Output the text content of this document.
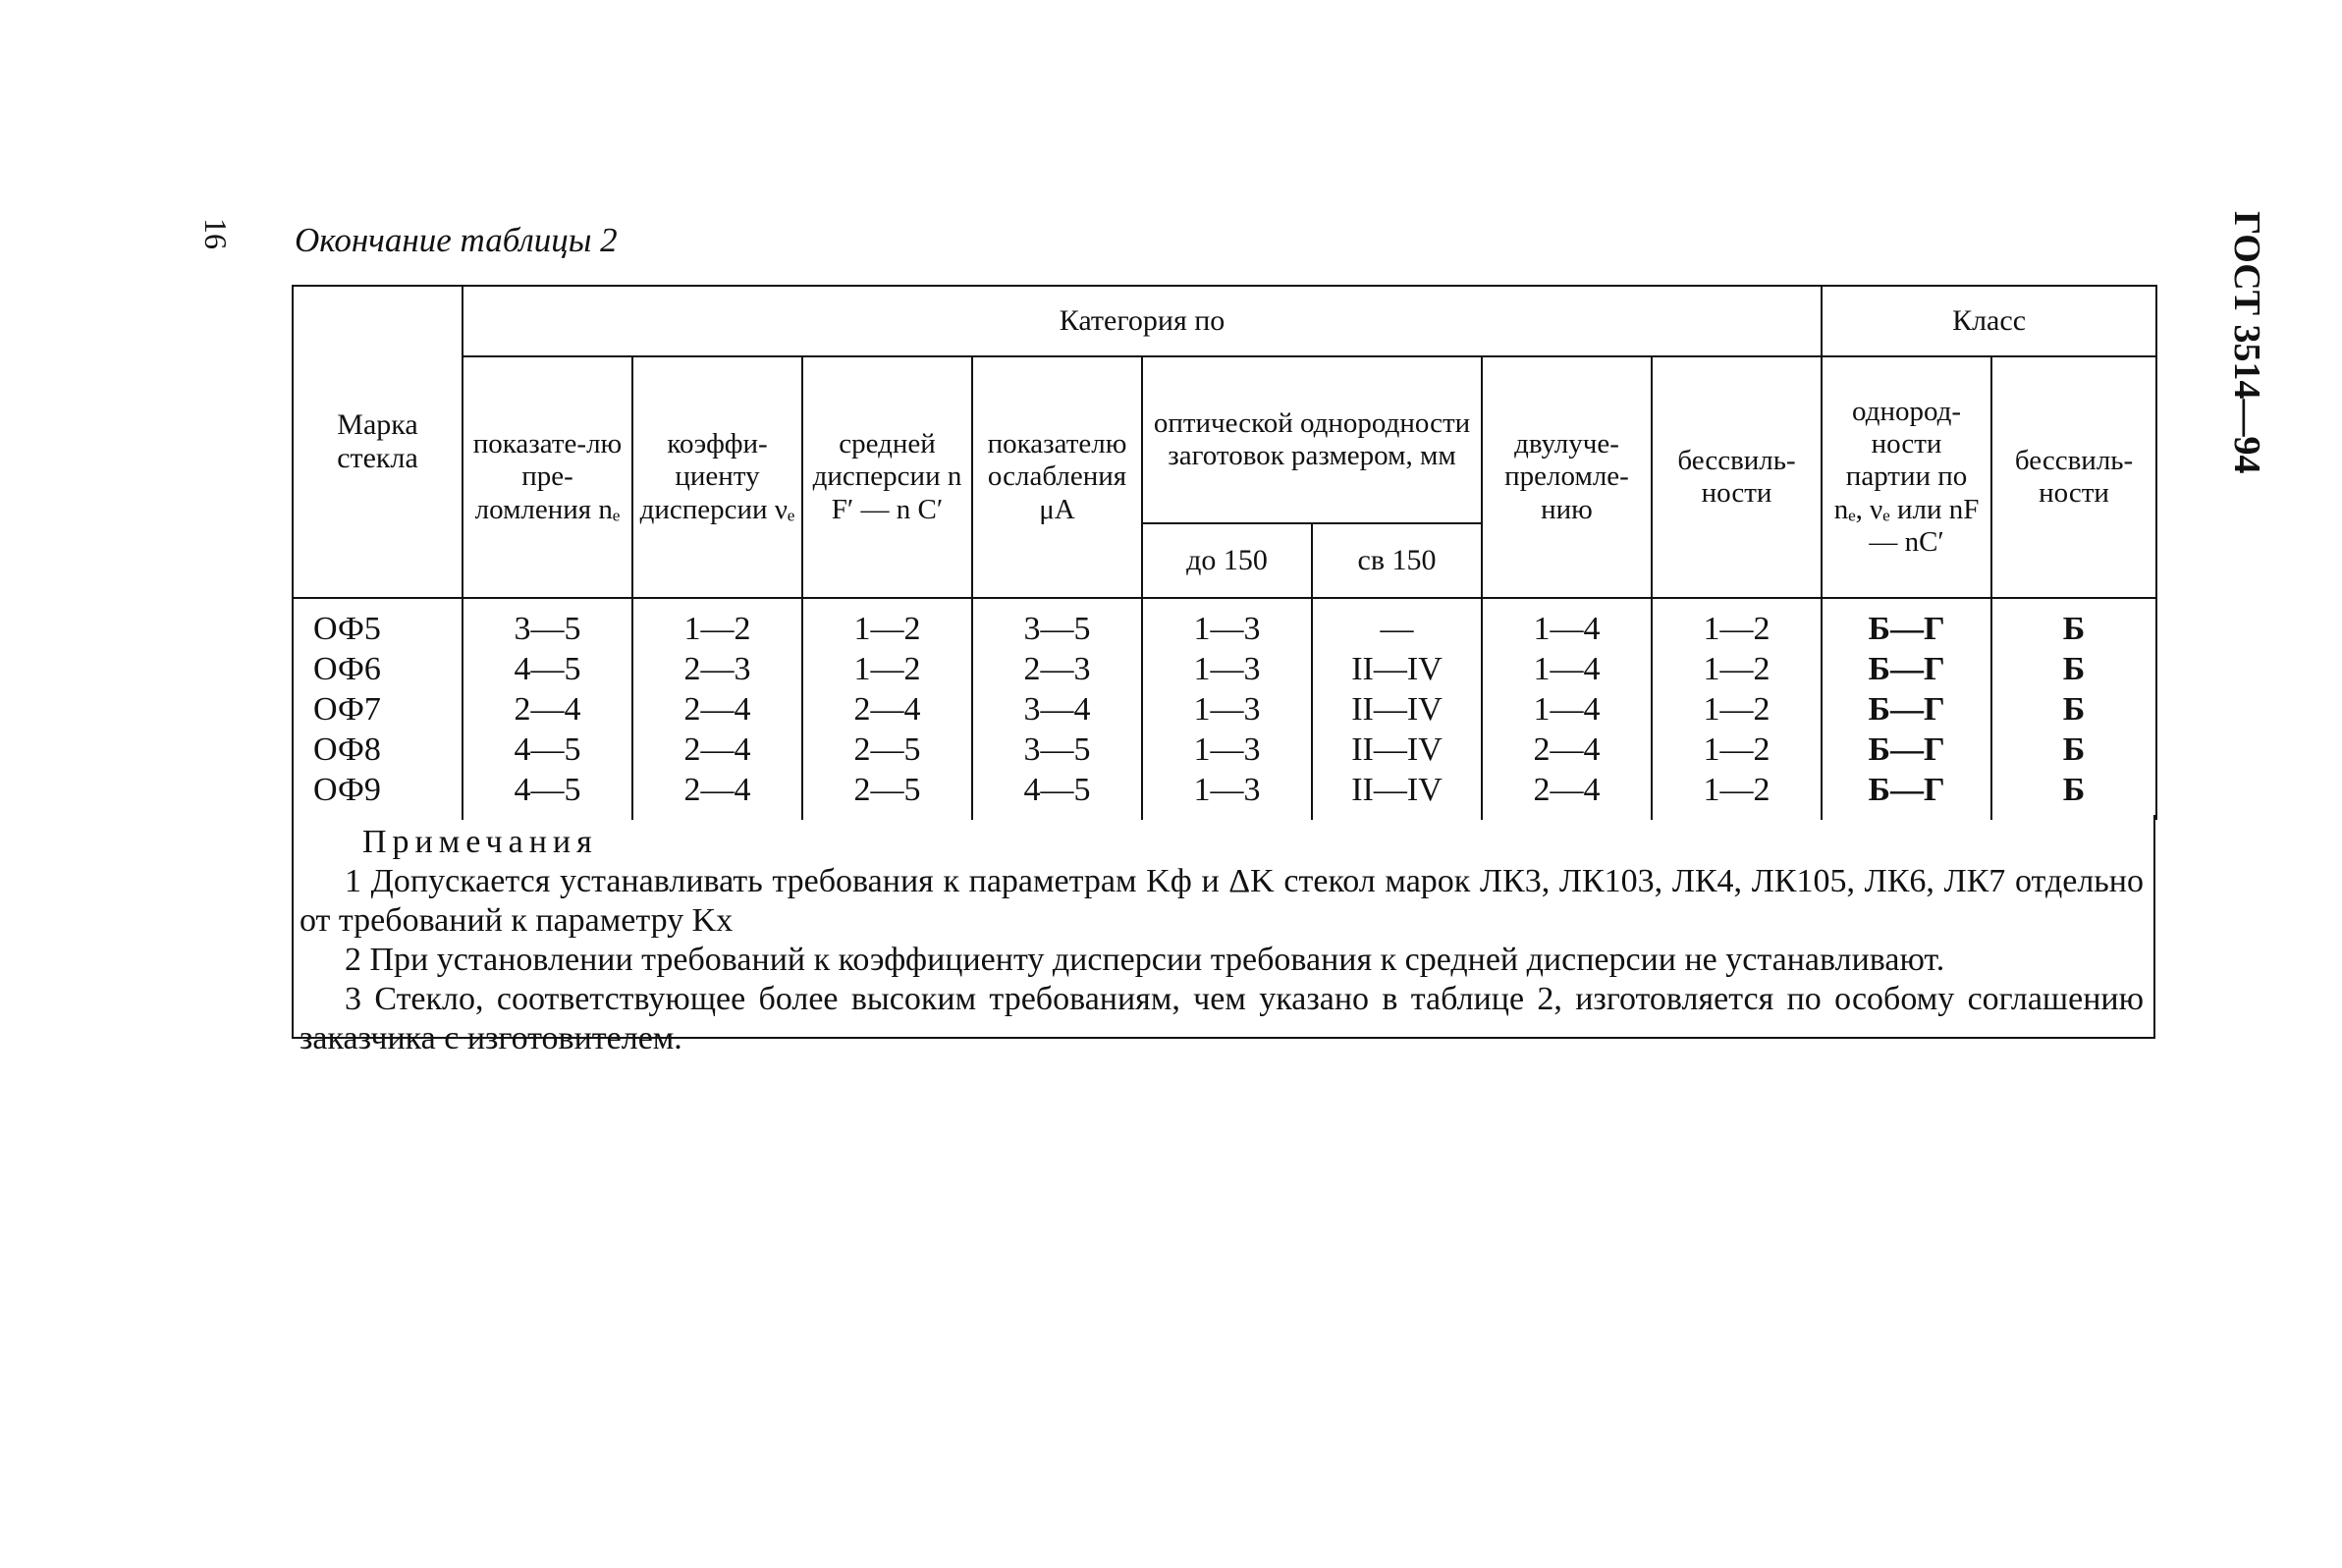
16 Окончание таблицы 2	ГОСТ 3514—94
Марка стекла	Категория по								Класс	
	показате-лю пре-ломления nₑ	коэффи-циенту дисперсии νₑ	средней дисперсии n F′ — n C′	показателю ослабления μA	оптической однородности заготовок размером, мм		двулуче-преломле-нию	бессвиль-ности	однород-ности партии по nₑ, νₑ или nF — nC′	бессвиль-ности
					до 150	св 150				
ОФ5	3—5	1—2	1—2	3—5	1—3	—	1—4	1—2	Б—Г	Б
ОФ6	4—5	2—3	1—2	2—3	1—3	II—IV	1—4	1—2	Б—Г	Б
ОФ7	2—4	2—4	2—4	3—4	1—3	II—IV	1—4	1—2	Б—Г	Б
ОФ8	4—5	2—4	2—5	3—5	1—3	II—IV	2—4	1—2	Б—Г	Б
ОФ9	4—5	2—4	2—5	4—5	1—3	II—IV	2—4	1—2	Б—Г	Б
Примечания
1 Допускается устанавливать требования к параметрам Kф и ΔK стекол марок ЛК3, ЛК103, ЛК4, ЛК105, ЛК6, ЛК7 отдельно от требований к параметру Kx
2 При установлении требований к коэффициенту дисперсии требования к средней дисперсии не устанавливают.
3 Стекло, соответствующее более высоким требованиям, чем указано в таблице 2, изготовляется по особому соглашению заказчика с изготовителем.
